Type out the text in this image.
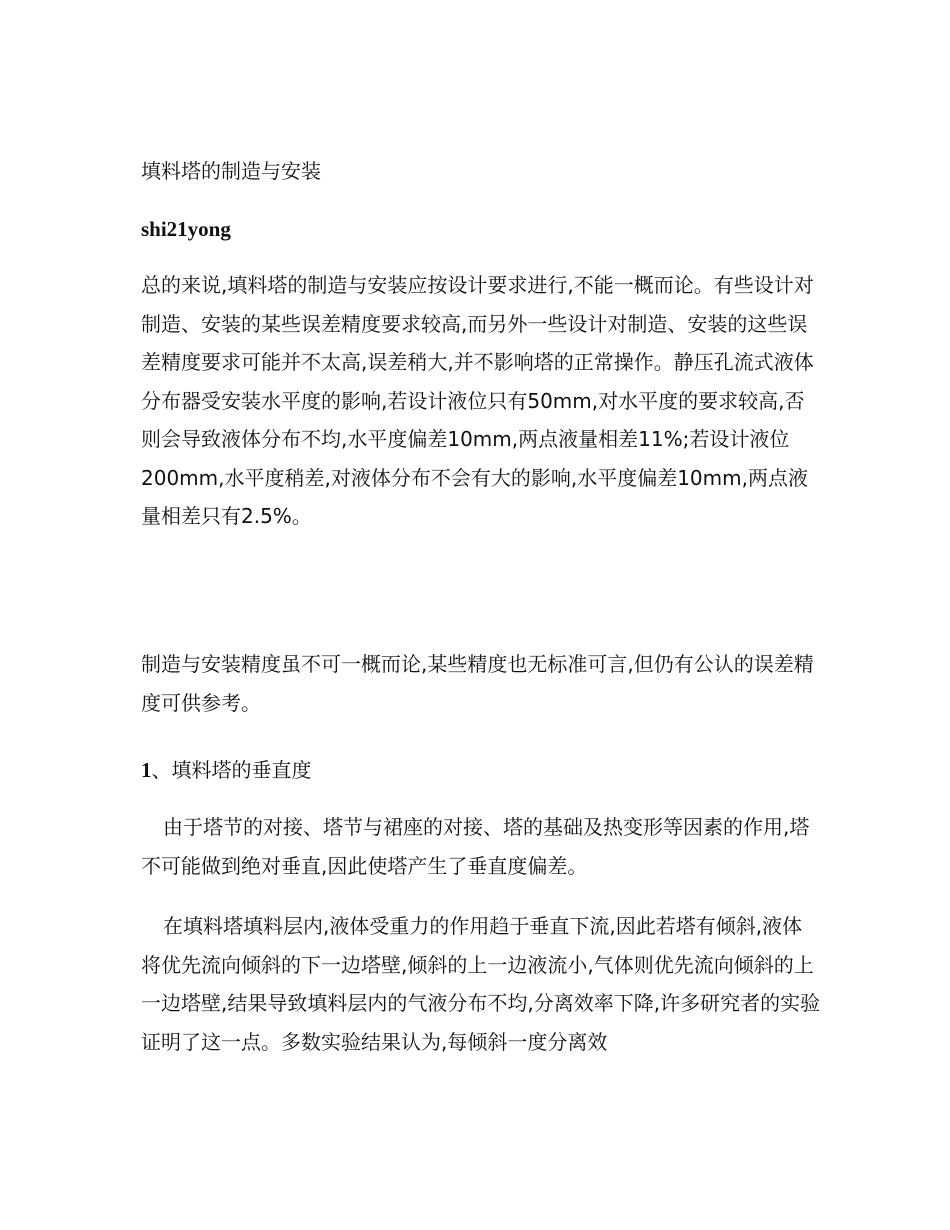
填料塔的制造与安装

shi21yong

总的来说,填料塔的制造与安装应按设计要求进行,不能一概而论。有些设计对制造、安装的某些误差精度要求较高,而另外一些设计对制造、安装的这些误差精度要求可能并不太高,误差稍大,并不影响塔的正常操作。静压孔流式液体分布器受安装水平度的影响,若设计液位只有50mm,对水平度的要求较高,否则会导致液体分布不均,水平度偏差10mm,两点液量相差11%;若设计液位200mm,水平度稍差,对液体分布不会有大的影响,水平度偏差10mm,两点液量相差只有2.5%。

制造与安装精度虽不可一概而论,某些精度也无标准可言,但仍有公认的误差精度可供参考。

1、填料塔的垂直度

由于塔节的对接、塔节与裙座的对接、塔的基础及热变形等因素的作用,塔不可能做到绝对垂直,因此使塔产生了垂直度偏差。

在填料塔填料层内,液体受重力的作用趋于垂直下流,因此若塔有倾斜,液体将优先流向倾斜的下一边塔壁,倾斜的上一边液流小,气体则优先流向倾斜的上一边塔壁,结果导致填料层内的气液分布不均,分离效率下降,许多研究者的实验证明了这一点。多数实验结果认为,每倾斜一度分离效
